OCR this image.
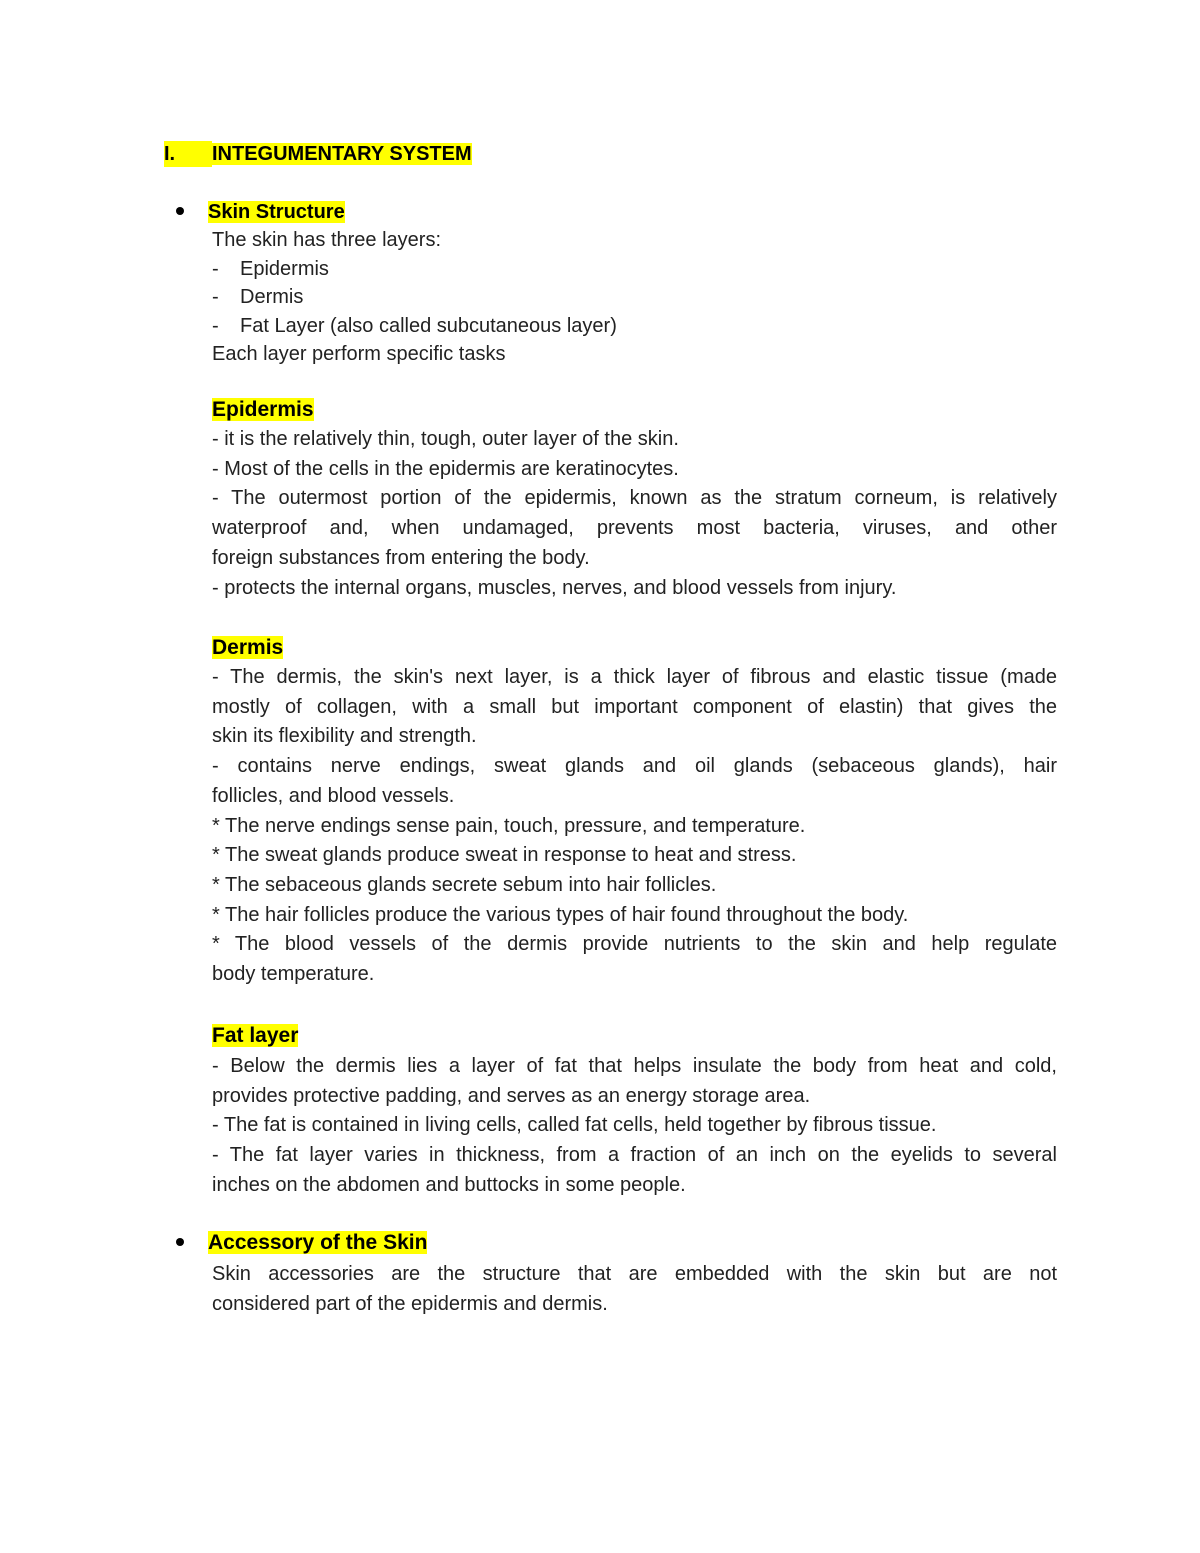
I. INTEGUMENTARY SYSTEM
Skin Structure
The skin has three layers:
- Epidermis
- Dermis
- Fat Layer (also called subcutaneous layer)
Each layer perform specific tasks
Epidermis
- it is the relatively thin, tough, outer layer of the skin.
- Most of the cells in the epidermis are keratinocytes.
- The outermost portion of the epidermis, known as the stratum corneum, is relatively
waterproof and, when undamaged, prevents most bacteria, viruses, and other
foreign substances from entering the body.
- protects the internal organs, muscles, nerves, and blood vessels from injury.
Dermis
- The dermis, the skin's next layer, is a thick layer of fibrous and elastic tissue (made
mostly of collagen, with a small but important component of elastin) that gives the
skin its flexibility and strength.
- contains nerve endings, sweat glands and oil glands (sebaceous glands), hair
follicles, and blood vessels.
* The nerve endings sense pain, touch, pressure, and temperature.
* The sweat glands produce sweat in response to heat and stress.
* The sebaceous glands secrete sebum into hair follicles.
* The hair follicles produce the various types of hair found throughout the body.
* The blood vessels of the dermis provide nutrients to the skin and help regulate
body temperature.
Fat layer
- Below the dermis lies a layer of fat that helps insulate the body from heat and cold,
provides protective padding, and serves as an energy storage area.
- The fat is contained in living cells, called fat cells, held together by fibrous tissue.
- The fat layer varies in thickness, from a fraction of an inch on the eyelids to several
inches on the abdomen and buttocks in some people.
Accessory of the Skin
Skin accessories are the structure that are embedded with the skin but are not
considered part of the epidermis and dermis.
